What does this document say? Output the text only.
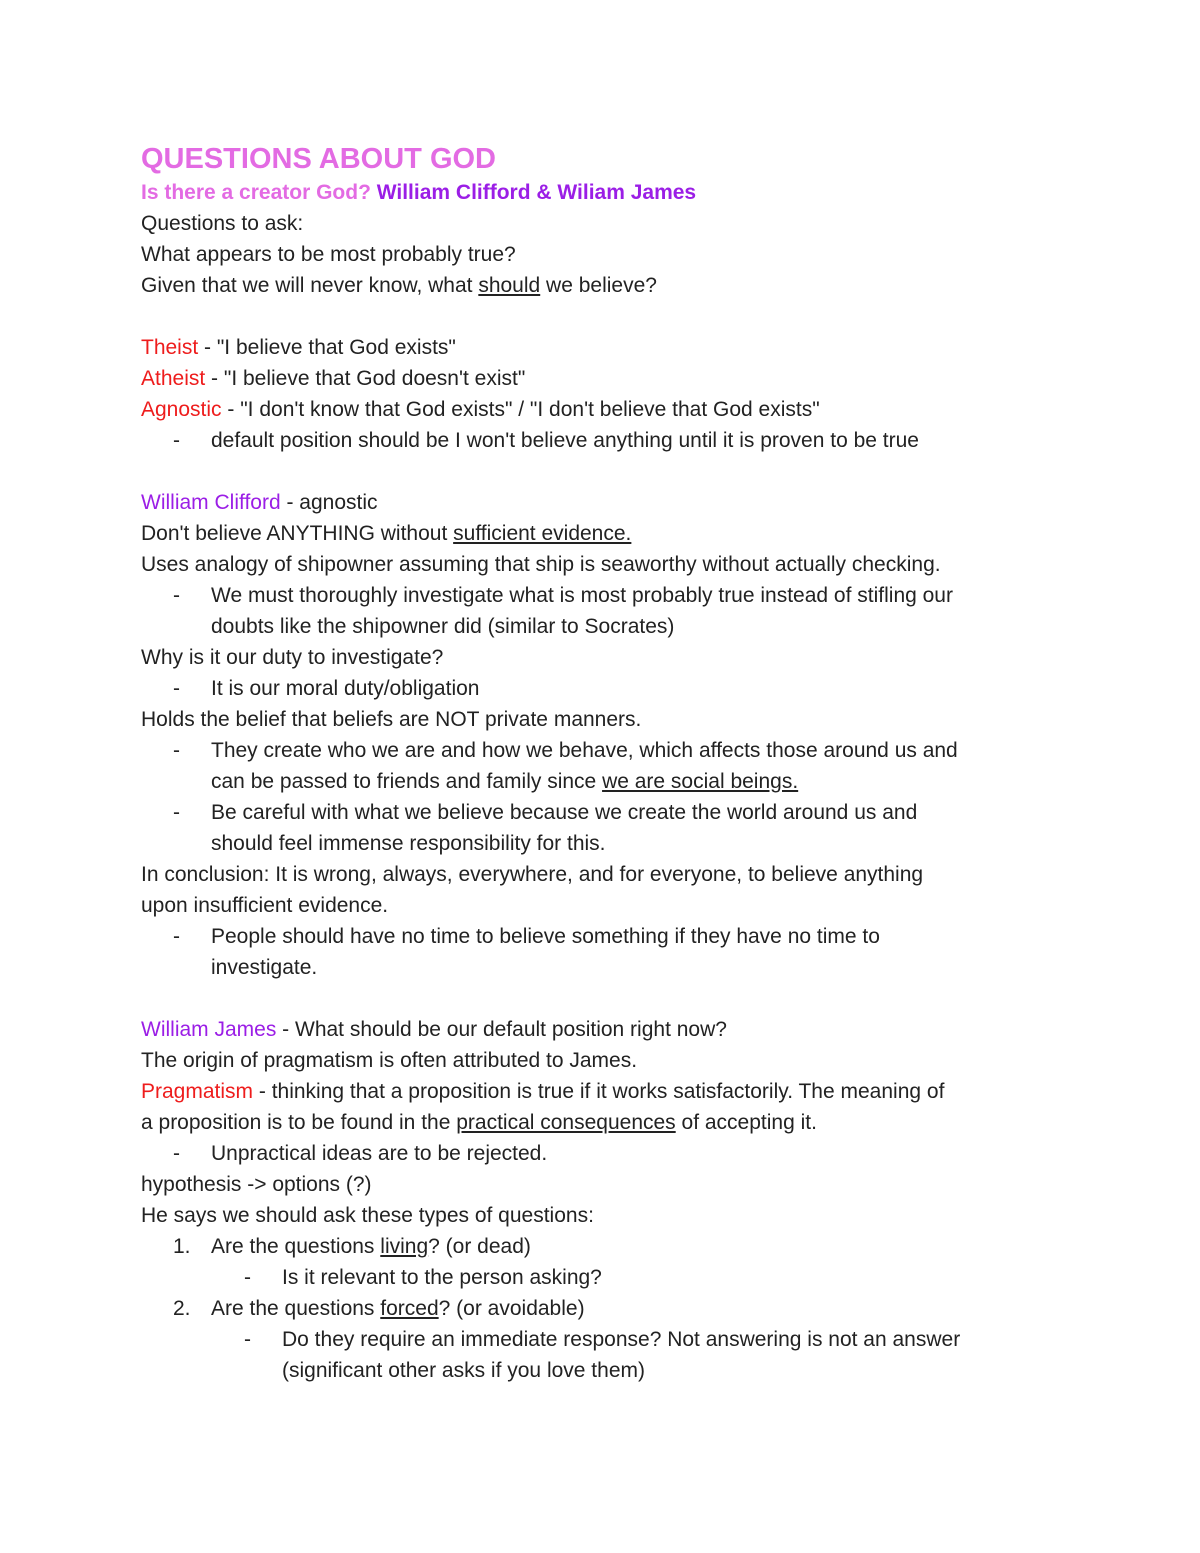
QUESTIONS ABOUT GOD
Is there a creator God? William Clifford & Wiliam James
Questions to ask:
What appears to be most probably true?
Given that we will never know, what should we believe?
Theist - "I believe that God exists"
Atheist - "I believe that God doesn't exist"
Agnostic - "I don't know that God exists" / "I don't believe that God exists"
-	default position should be I won't believe anything until it is proven to be true
William Clifford - agnostic
Don't believe ANYTHING without sufficient evidence.
Uses analogy of shipowner assuming that ship is seaworthy without actually checking.
-	We must thoroughly investigate what is most probably true instead of stifling our
doubts like the shipowner did (similar to Socrates)
Why is it our duty to investigate?
-	It is our moral duty/obligation
Holds the belief that beliefs are NOT private manners.
-	They create who we are and how we behave, which affects those around us and
can be passed to friends and family since we are social beings.
-	Be careful with what we believe because we create the world around us and
should feel immense responsibility for this.
In conclusion: It is wrong, always, everywhere, and for everyone, to believe anything
upon insufficient evidence.
-	People should have no time to believe something if they have no time to
investigate.
William James - What should be our default position right now?
The origin of pragmatism is often attributed to James.
Pragmatism - thinking that a proposition is true if it works satisfactorily. The meaning of
a proposition is to be found in the practical consequences of accepting it.
-	Unpractical ideas are to be rejected.
hypothesis -> options (?)
He says we should ask these types of questions:
1. Are the questions living? (or dead)
-	Is it relevant to the person asking?
2. Are the questions forced? (or avoidable)
-	Do they require an immediate response? Not answering is not an answer
(significant other asks if you love them)
